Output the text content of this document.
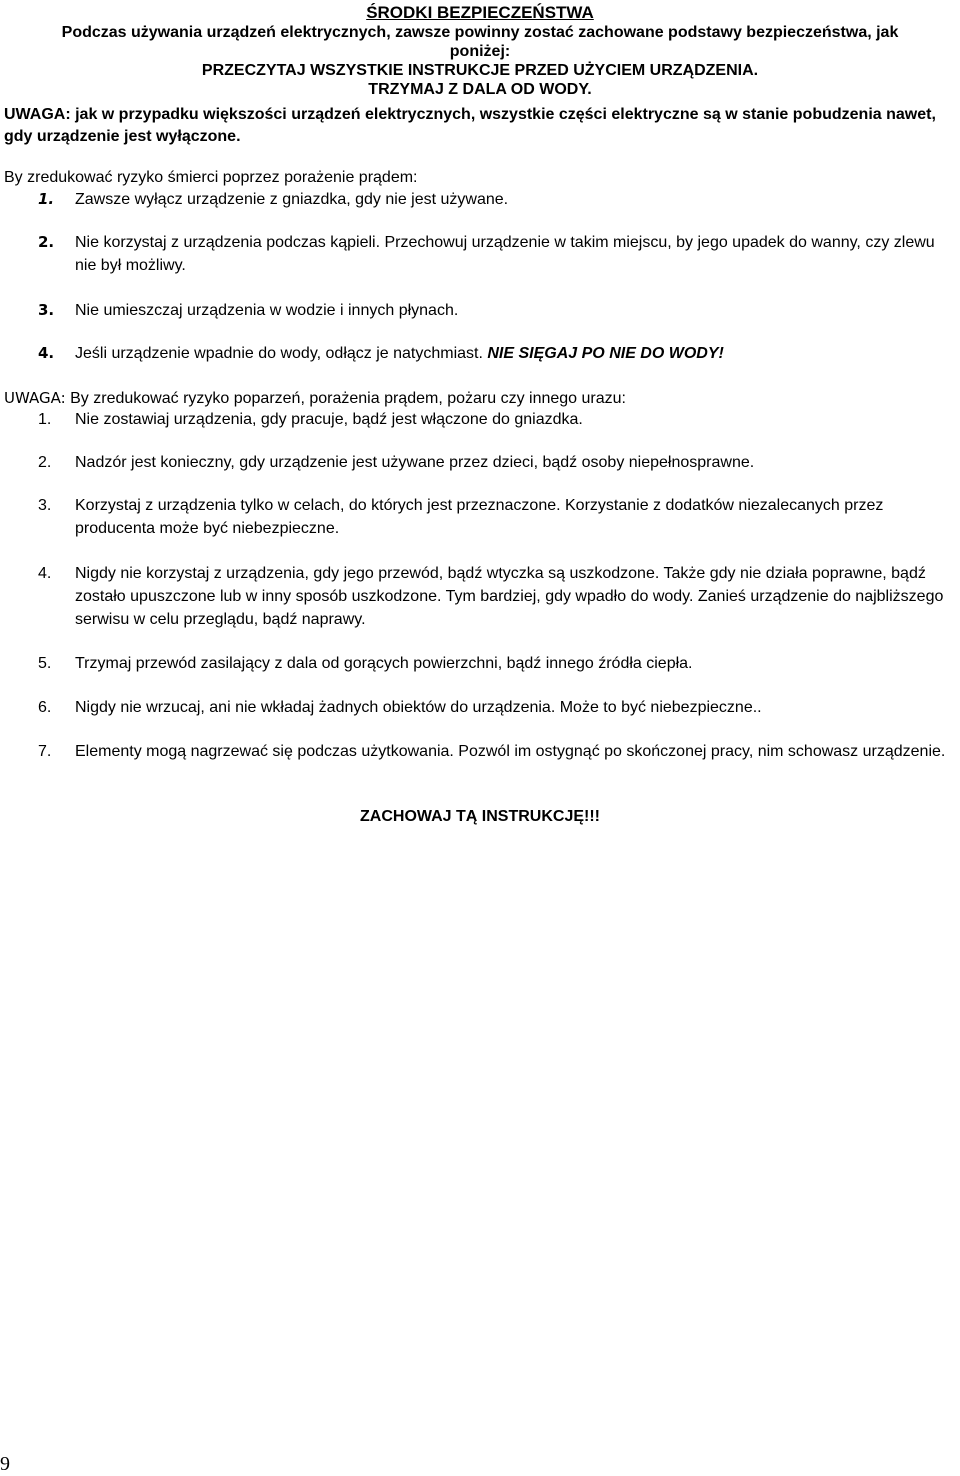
ŚRODKI BEZPIECZEŃSTWA
Podczas używania urządzeń elektrycznych, zawsze powinny zostać zachowane podstawy bezpieczeństwa, jak
poniżej:
PRZECZYTAJ WSZYSTKIE INSTRUKCJE PRZED UŻYCIEM URZĄDZENIA.
TRZYMAJ Z DALA OD WODY.
UWAGA: jak w przypadku większości urządzeń elektrycznych, wszystkie części elektryczne są w stanie pobudzenia nawet, gdy urządzenie jest wyłączone.
By zredukować ryzyko śmierci poprzez porażenie prądem:
1. Zawsze wyłącz urządzenie z gniazdka, gdy nie jest używane.
2. Nie korzystaj z urządzenia podczas kąpieli. Przechowuj urządzenie w takim miejscu, by jego upadek do wanny, czy zlewu nie był możliwy.
3. Nie umieszczaj urządzenia w wodzie i innych płynach.
4. Jeśli urządzenie wpadnie do wody, odłącz je natychmiast. NIE SIĘGAJ PO NIE DO WODY!
UWAGA: By zredukować ryzyko poparzeń, porażenia prądem, pożaru czy innego urazu:
1. Nie zostawiaj urządzenia, gdy pracuje, bądź jest włączone do gniazdka.
2. Nadzór jest konieczny, gdy urządzenie jest używane przez dzieci, bądź osoby niepełnosprawne.
3. Korzystaj z urządzenia tylko w celach, do których jest przeznaczone. Korzystanie z dodatków niezalecanych przez producenta może być niebezpieczne.
4. Nigdy nie korzystaj z urządzenia, gdy jego przewód, bądź wtyczka są uszkodzone. Także gdy nie działa poprawne, bądź zostało upuszczone lub w inny sposób uszkodzone. Tym bardziej, gdy wpadło do wody. Zanieś urządzenie do najbliższego serwisu w celu przeglądu, bądź naprawy.
5. Trzymaj przewód zasilający z dala od gorących powierzchni, bądź innego źródła ciepła.
6. Nigdy nie wrzucaj, ani nie wkładaj żadnych obiektów do urządzenia. Może to być niebezpieczne..
7. Elementy mogą nagrzewać się podczas użytkowania. Pozwól im ostygnąć po skończonej pracy, nim schowasz urządzenie.
ZACHOWAJ TĄ INSTRUKCJĘ!!!
9
